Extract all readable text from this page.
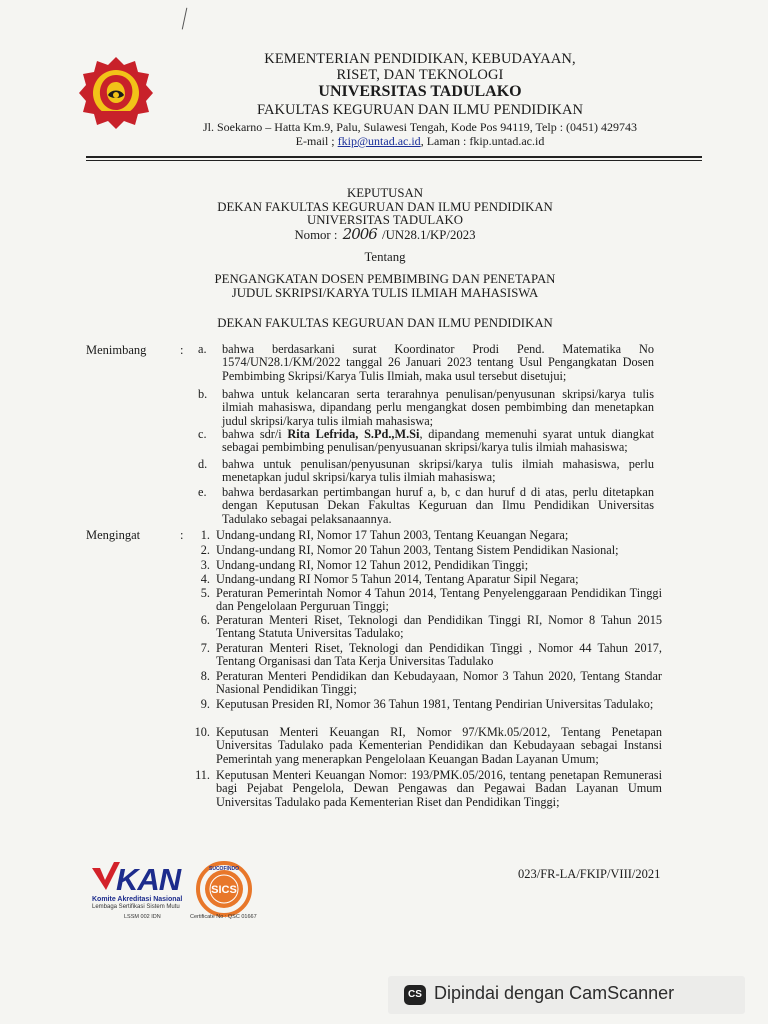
KEMENTERIAN PENDIDIKAN, KEBUDAYAAN,
RISET, DAN TEKNOLOGI
UNIVERSITAS TADULAKO
FAKULTAS KEGURUAN DAN ILMU PENDIDIKAN
Jl. Soekarno – Hatta Km.9, Palu, Sulawesi Tengah, Kode Pos 94119, Telp : (0451) 429743
E-mail ; fkip@untad.ac.id, Laman : fkip.untad.ac.id
KEPUTUSAN
DEKAN FAKULTAS KEGURUAN DAN ILMU PENDIDIKAN
UNIVERSITAS TADULAKO
Nomor : 2006 /UN28.1/KP/2023
Tentang
PENGANGKATAN DOSEN PEMBIMBING DAN PENETAPAN
JUDUL SKRIPSI/KARYA TULIS ILMIAH MAHASISWA
DEKAN FAKULTAS KEGURUAN DAN ILMU PENDIDIKAN
Menimbang	: a.	bahwa berdasarkani surat Koordinator Prodi Pend. Matematika No 1574/UN28.1/KM/2022 tanggal 26 Januari 2023 tentang Usul Pengangkatan Dosen Pembimbing Skripsi/Karya Tulis Ilmiah, maka usul tersebut disetujui;
b.	bahwa untuk kelancaran serta terarahnya penulisan/penyusunan skripsi/karya tulis ilmiah mahasiswa, dipandang perlu mengangkat dosen pembimbing dan menetapkan judul skripsi/karya tulis ilmiah mahasiswa;
c.	bahwa sdr/i Rita Lefrida, S.Pd.,M.Si, dipandang memenuhi syarat untuk diangkat sebagai pembimbing penulisan/penyusuanan skripsi/karya tulis ilmiah mahasiswa;
d.	bahwa untuk penulisan/penyusunan skripsi/karya tulis ilmiah mahasiswa, perlu menetapkan judul skripsi/karya tulis ilmiah mahasiswa;
e.	bahwa berdasarkan pertimbangan huruf a, b, c dan huruf d di atas, perlu ditetapkan dengan Keputusan Dekan Fakultas Keguruan dan Ilmu Pendidikan Universitas Tadulako sebagai pelaksanaannya.
Mengingat	:	1. Undang-undang RI, Nomor 17 Tahun 2003, Tentang Keuangan Negara;
2. Undang-undang RI, Nomor 20 Tahun 2003, Tentang Sistem Pendidikan Nasional;
3. Undang-undang RI, Nomor 12 Tahun 2012, Pendidikan Tinggi;
4. Undang-undang RI Nomor 5 Tahun 2014, Tentang Aparatur Sipil Negara;
5. Peraturan Pemerintah Nomor 4 Tahun 2014, Tentang Penyelenggaraan Pendidikan Tinggi dan Pengelolaan Perguruan Tinggi;
6. Peraturan Menteri Riset, Teknologi dan Pendidikan Tinggi RI, Nomor 8 Tahun 2015 Tentang Statuta Universitas Tadulako;
7. Peraturan Menteri Riset, Teknologi dan Pendidikan Tinggi , Nomor 44 Tahun 2017, Tentang Organisasi dan Tata Kerja Universitas Tadulako
8. Peraturan Menteri Pendidikan dan Kebudayaan, Nomor 3 Tahun 2020, Tentang Standar Nasional Pendidikan Tinggi;
9. Keputusan Presiden RI, Nomor 36 Tahun 1981, Tentang Pendirian Universitas Tadulako;
10. Keputusan Menteri Keuangan RI, Nomor 97/KMk.05/2012, Tentang Penetapan Universitas Tadulako pada Kementerian Pendidikan dan Kebudayaan sebagai Instansi Pemerintah yang menerapkan Pengelolaan Keuangan Badan Layanan Umum;
11. Keputusan Menteri Keuangan Nomor: 193/PMK.05/2016, tentang penetapan Remunerasi bagi Pejabat Pengelola, Dewan Pengawas dan Pegawai Badan Layanan Umum Universitas Tadulako pada Kementerian Riset dan Pendidikan Tinggi;
KAN
Komite Akreditasi Nasional
Lembaga Sertifikasi Sistem Mutu
LSSM 002 IDN
SICS
SUCOFINDO
Certificate No : QSC 01667
023/FR-LA/FKIP/VIII/2021
CS Dipindai dengan CamScanner
